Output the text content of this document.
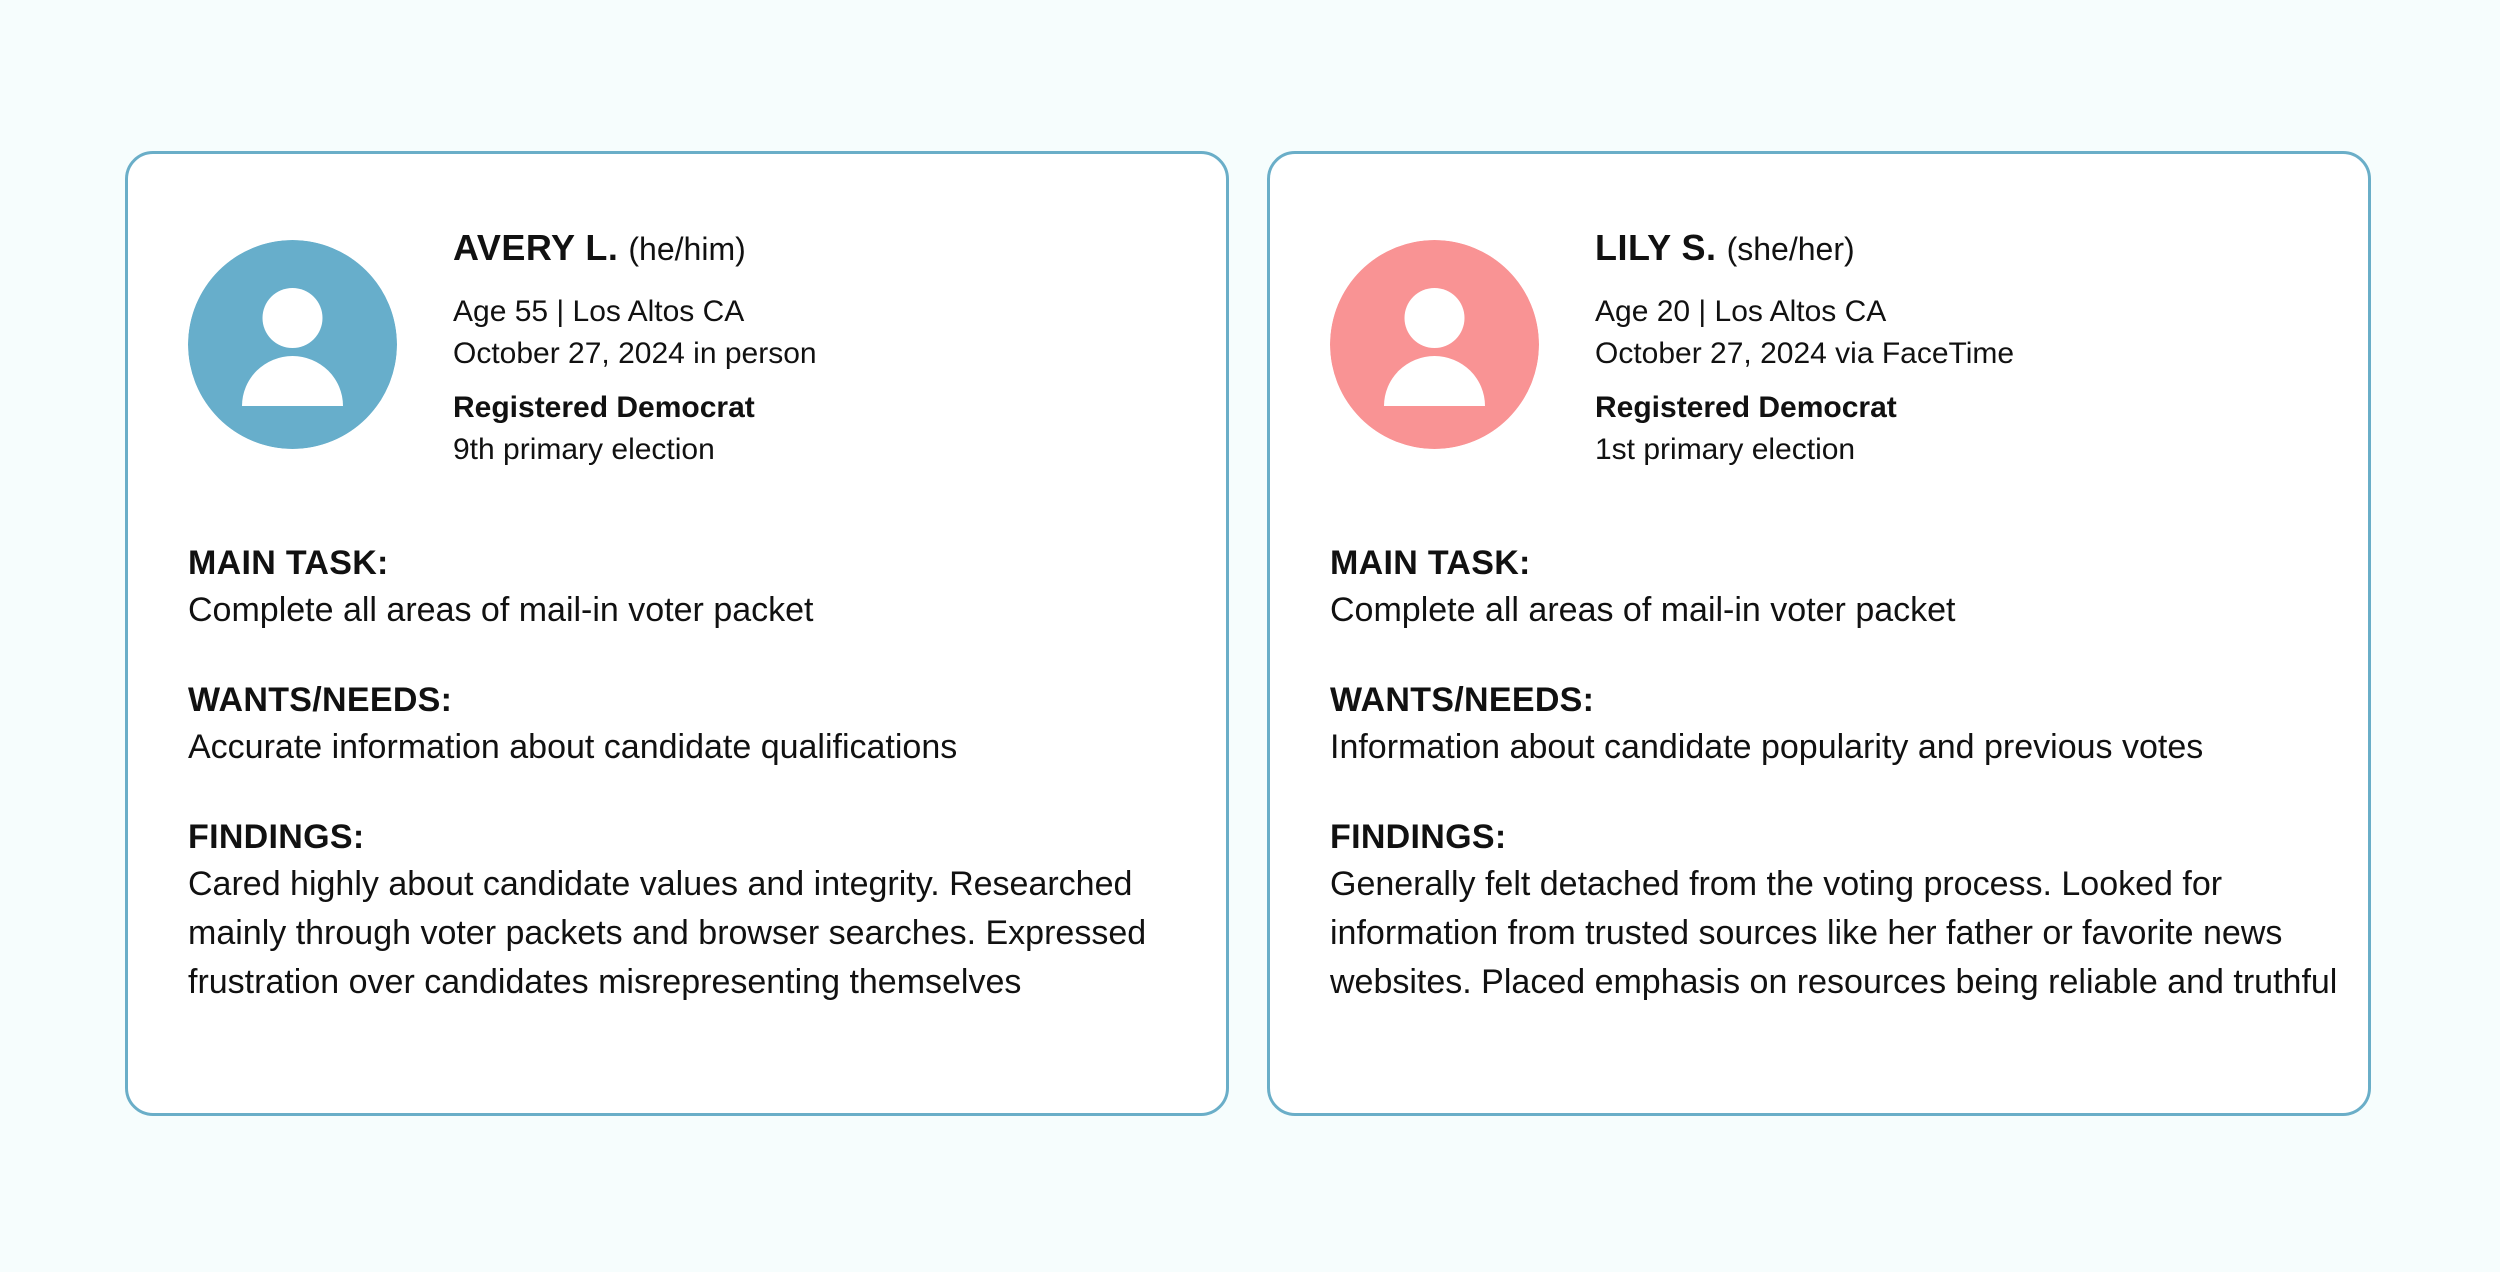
AVERY L. (he/him)
Age 55 | Los Altos CA
October 27, 2024 in person
Registered Democrat
9th primary election
MAIN TASK:
Complete all areas of mail-in voter packet
WANTS/NEEDS:
Accurate information about candidate qualifications
FINDINGS:
Cared highly about candidate values and integrity. Researched mainly through voter packets and browser searches. Expressed frustration over candidates misrepresenting themselves
LILY S. (she/her)
Age 20 | Los Altos CA
October 27, 2024 via FaceTime
Registered Democrat
1st primary election
MAIN TASK:
Complete all areas of mail-in voter packet
WANTS/NEEDS:
Information about candidate popularity and previous votes
FINDINGS:
Generally felt detached from the voting process. Looked for information from trusted sources like her father or favorite news websites. Placed emphasis on resources being reliable and truthful
